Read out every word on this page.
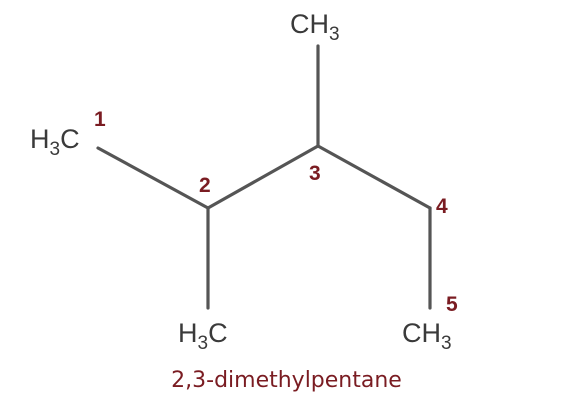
$CH_3$
$H_3C$
$H_3C$	$CH_3$
1
2
3
4
5

2,3-dimethylpentane
